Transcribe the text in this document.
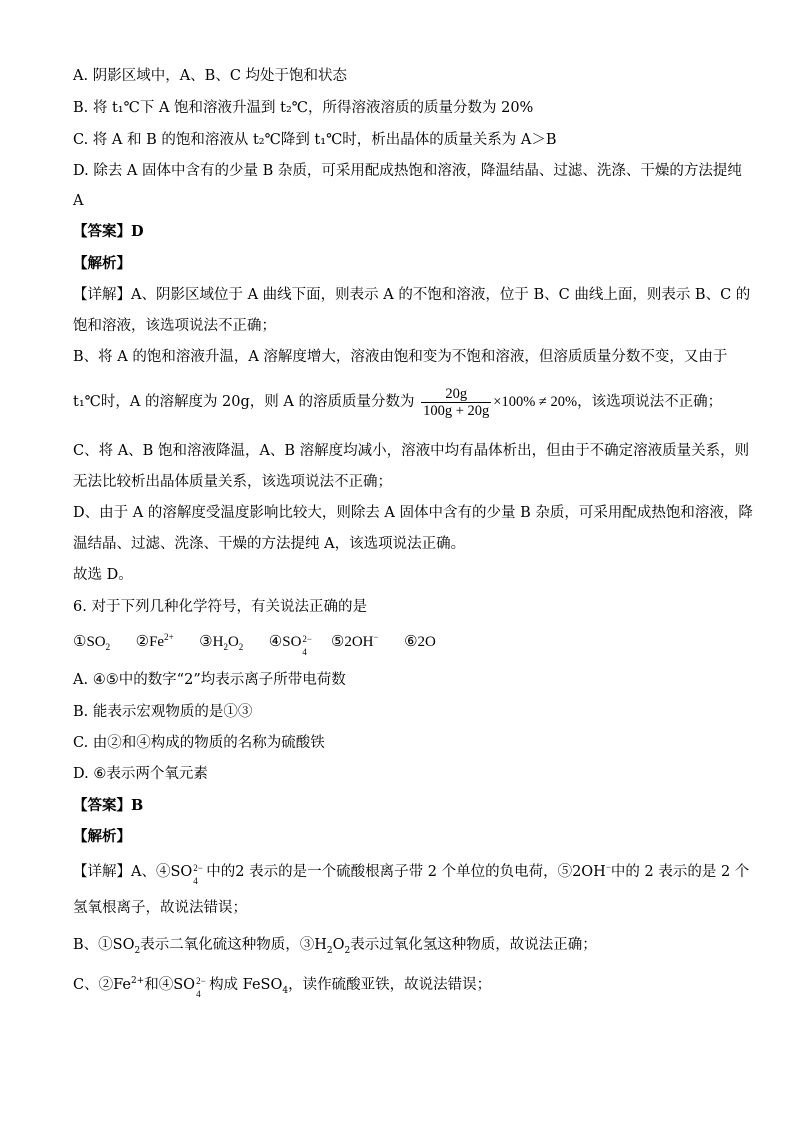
A. 阴影区域中，A、B、C 均处于饱和状态
B. 将 t₁℃下 A 饱和溶液升温到 t₂℃，所得溶液溶质的质量分数为 20%
C. 将 A 和 B 的饱和溶液从 t₂℃降到 t₁℃时，析出晶体的质量关系为 A＞B
D. 除去 A 固体中含有的少量 B 杂质，可采用配成热饱和溶液，降温结晶、过滤、洗涤、干燥的方法提纯
A
【答案】D
【解析】
【详解】A、阴影区域位于 A 曲线下面，则表示 A 的不饱和溶液，位于 B、C 曲线上面，则表示 B、C 的
饱和溶液，该选项说法不正确；
B、将 A 的饱和溶液升温，A 溶解度增大，溶液由饱和变为不饱和溶液，但溶质质量分数不变，又由于
t₁℃时，A 的溶解度为 20g，则 A 的溶质质量分数为 $\frac{20g}{100g + 20g} \times 100\% \ne 20\%$，该选项说法不正确；
C、将 A、B 饱和溶液降温，A、B 溶解度均减小，溶液中均有晶体析出，但由于不确定溶液质量关系，则
无法比较析出晶体质量关系，该选项说法不正确；
D、由于 A 的溶解度受温度影响比较大，则除去 A 固体中含有的少量 B 杂质，可采用配成热饱和溶液，降
温结晶、过滤、洗涤、干燥的方法提纯 A，该选项说法正确。
故选 D。
6. 对于下列几种化学符号，有关说法正确的是
$①SO_2$ $②Fe^{2+}$ $③H_2O_2$ ④SO 2−
4
⑤2OH− ⑥2O
A. ④⑤中的数字“2”均表示离子所带电荷数
B. 能表示宏观物质的是①③
C. 由②和④构成的物质的名称为硫酸铁
D. ⑥表示两个氧元素
【答案】B
【解析】
【详解】A、④SO 2−
4
中的2 表示的是一个硫酸根离子带 2 个单位的负电荷，⑤2OH−中的 2 表示的是 2 个
氢氧根离子，故说法错误；
B、$①SO_2$表示二氧化硫这种物质，$③H_2O_2$表示过氧化氢这种物质，故说法正确；
C、$②Fe^{2+}$和④SO 2−
4
构成 FeSO$_4$，读作硫酸亚铁，故说法错误；
